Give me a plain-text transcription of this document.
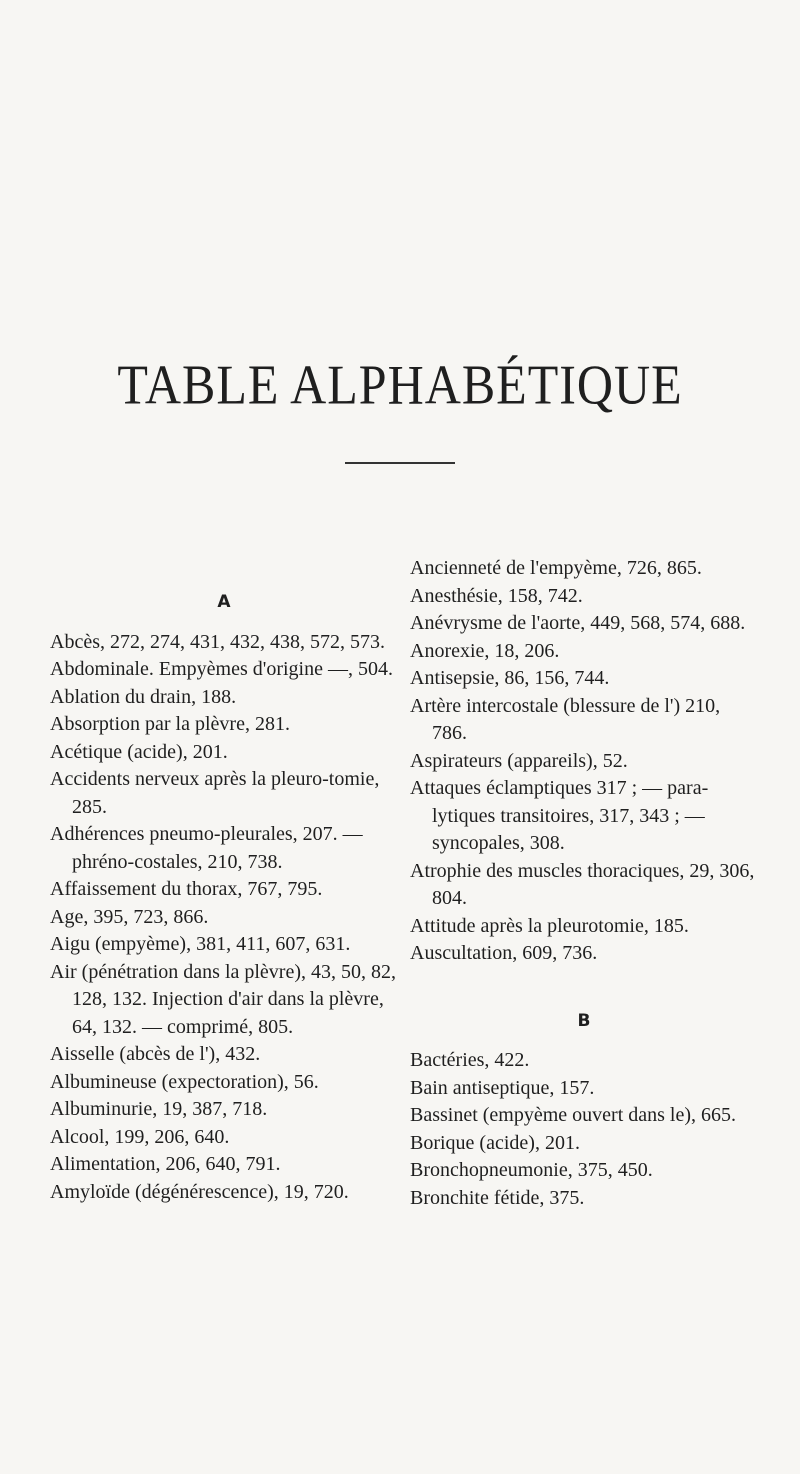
TABLE ALPHABÉTIQUE

A

Abcès, 272, 274, 431, 432, 438, 572, 573.

Abdominale. Empyèmes d'origine —, 504.

Ablation du drain, 188.

Absorption par la plèvre, 281.

Acétique (acide), 201.

Accidents nerveux après la pleuro-tomie, 285.

Adhérences pneumo-pleurales, 207. — phréno-costales, 210, 738.

Affaissement du thorax, 767, 795.

Age, 395, 723, 866.

Aigu (empyème), 381, 411, 607, 631.

Air (pénétration dans la plèvre), 43, 50, 82, 128, 132. Injection d'air dans la plèvre, 64, 132. — comprimé, 805.

Aisselle (abcès de l'), 432.

Albumineuse (expectoration), 56.

Albuminurie, 19, 387, 718.

Alcool, 199, 206, 640.

Alimentation, 206, 640, 791.

Amyloïde (dégénérescence), 19, 720.

Ancienneté de l'empyème, 726, 865.

Anesthésie, 158, 742.

Anévrysme de l'aorte, 449, 568, 574, 688.

Anorexie, 18, 206.

Antisepsie, 86, 156, 744.

Artère intercostale (blessure de l') 210, 786.

Aspirateurs (appareils), 52.

Attaques éclamptiques 317 ; — para-lytiques transitoires, 317, 343 ; — syncopales, 308.

Atrophie des muscles thoraciques, 29, 306, 804.

Attitude après la pleurotomie, 185.

Auscultation, 609, 736.

B

Bactéries, 422.

Bain antiseptique, 157.

Bassinet (empyème ouvert dans le), 665.

Borique (acide), 201.

Bronchopneumonie, 375, 450.

Bronchite fétide, 375.
